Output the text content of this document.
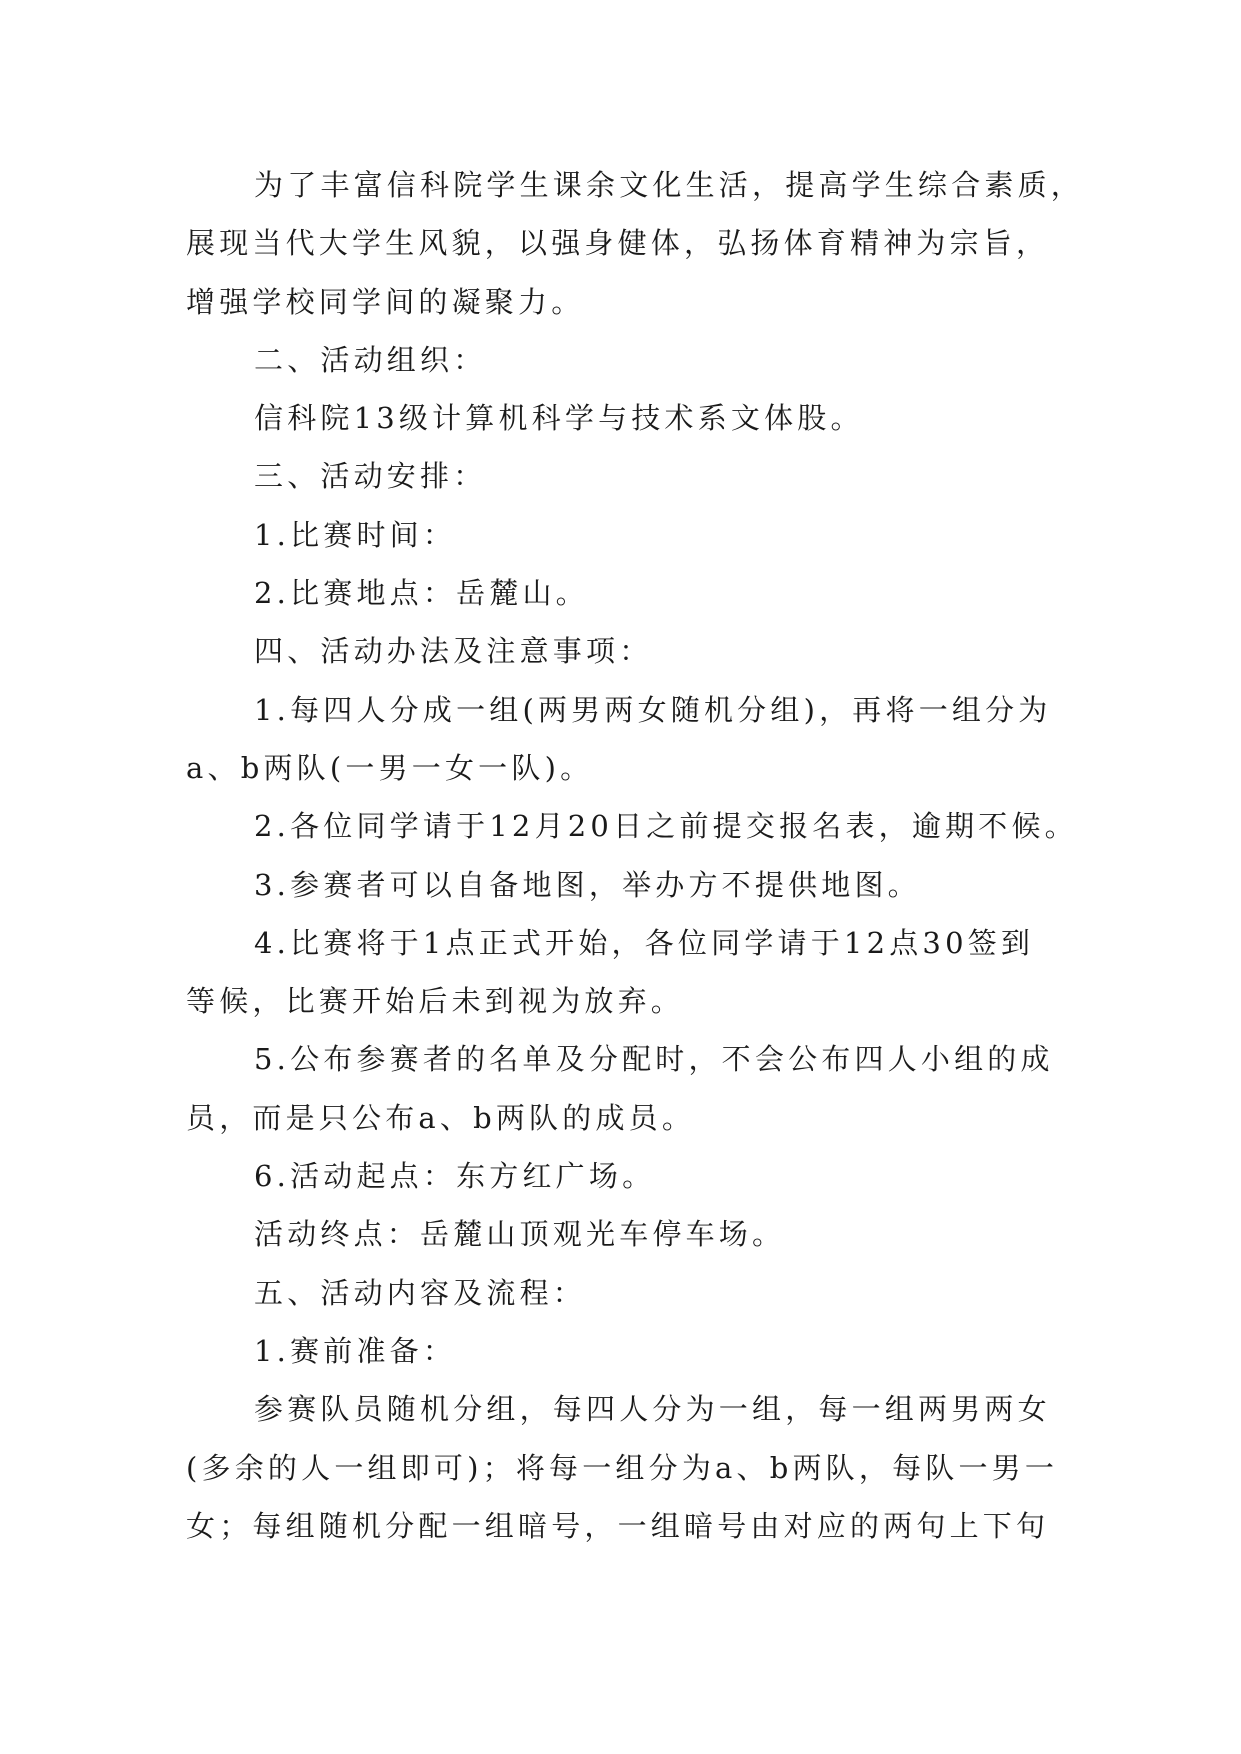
为了丰富信科院学生课余文化生活，提高学生综合素质，
展现当代大学生风貌，以强身健体，弘扬体育精神为宗旨，
增强学校同学间的凝聚力。
二、活动组织：
信科院13级计算机科学与技术系文体股。
三、活动安排：
1.比赛时间：
2.比赛地点：岳麓山。
四、活动办法及注意事项：
1.每四人分成一组(两男两女随机分组)，再将一组分为
a、b两队(一男一女一队)。
2.各位同学请于12月20日之前提交报名表，逾期不候。
3.参赛者可以自备地图，举办方不提供地图。
4.比赛将于1点正式开始，各位同学请于12点30签到
等候，比赛开始后未到视为放弃。
5.公布参赛者的名单及分配时，不会公布四人小组的成
员，而是只公布a、b两队的成员。
6.活动起点：东方红广场。
活动终点：岳麓山顶观光车停车场。
五、活动内容及流程：
1.赛前准备：
参赛队员随机分组，每四人分为一组，每一组两男两女
(多余的人一组即可)；将每一组分为a、b两队，每队一男一
女；每组随机分配一组暗号，一组暗号由对应的两句上下句
